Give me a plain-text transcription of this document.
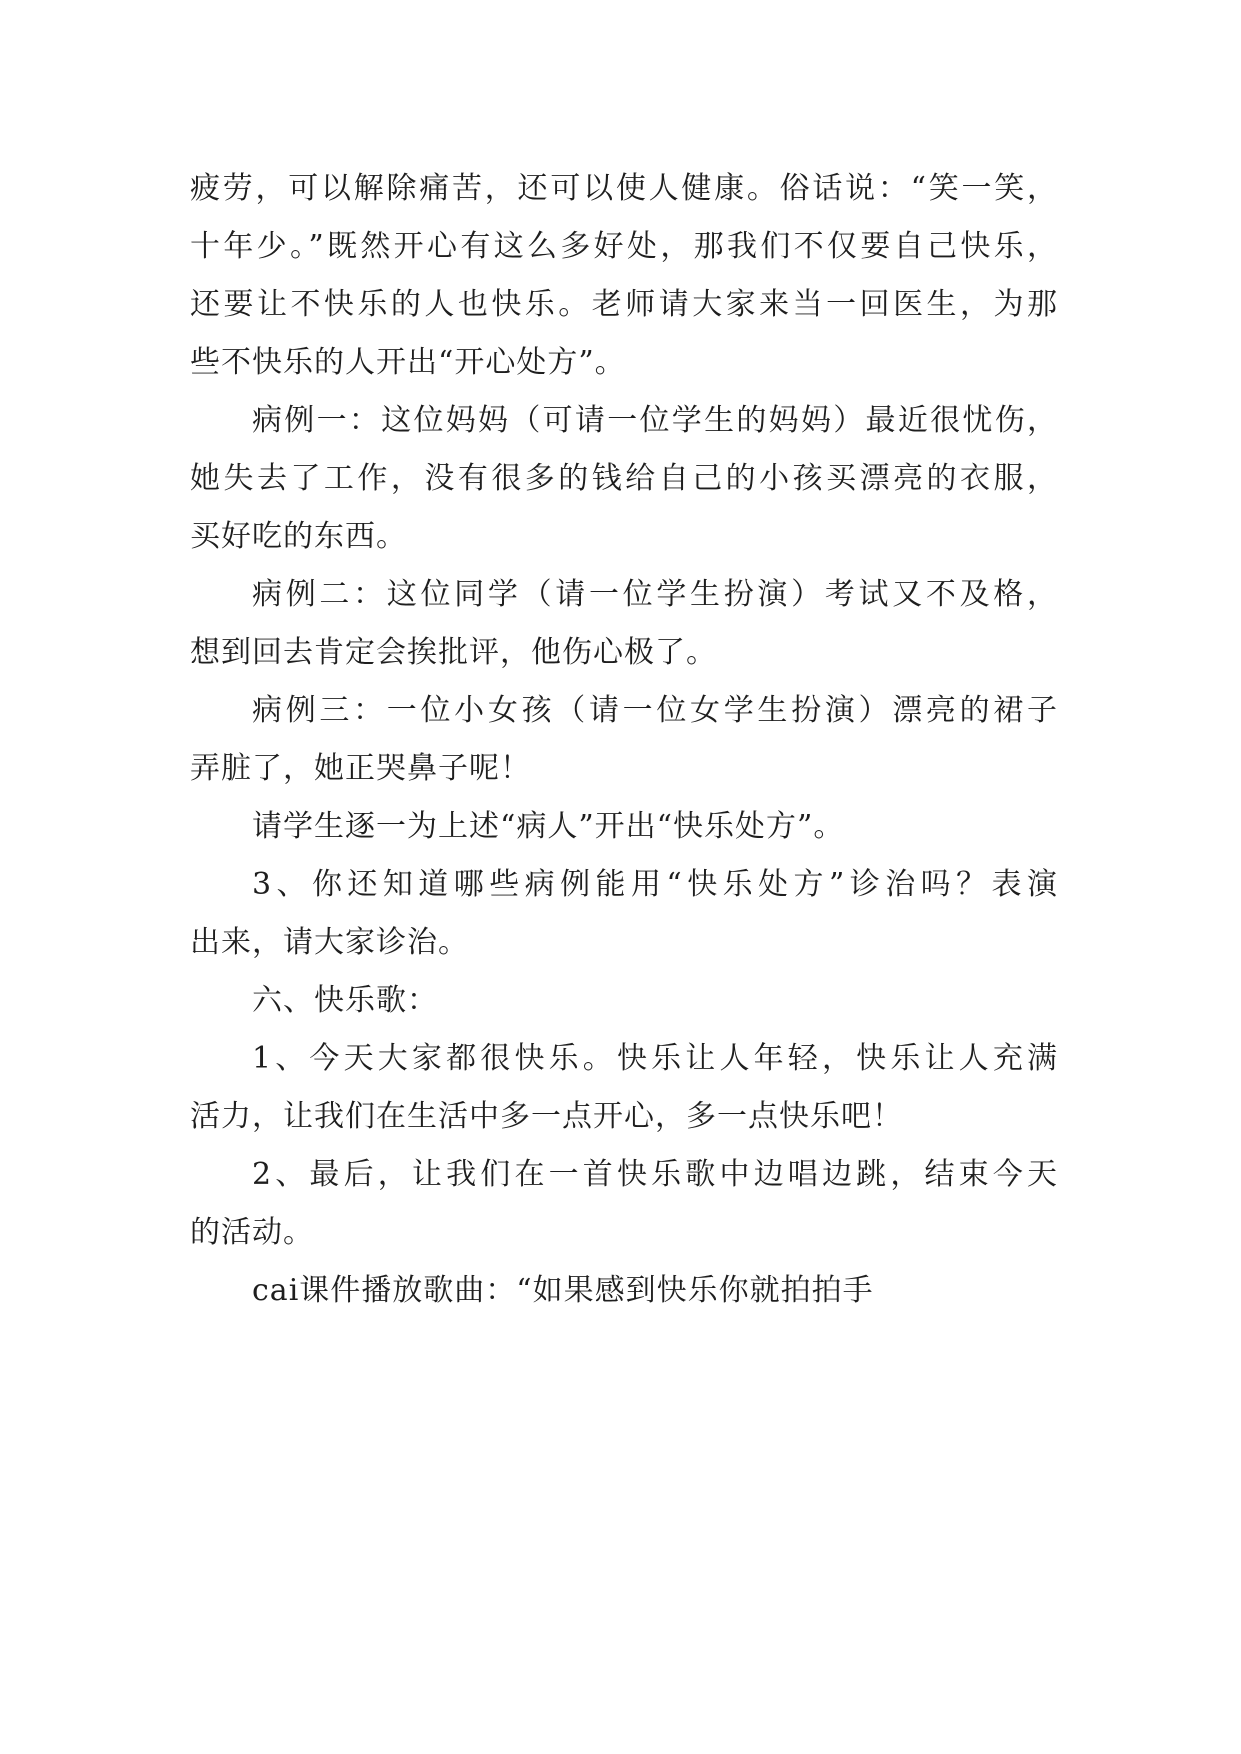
疲劳，可以解除痛苦，还可以使人健康。俗话说：“笑一笑，
十年少。”既然开心有这么多好处，那我们不仅要自己快乐，
还要让不快乐的人也快乐。老师请大家来当一回医生，为那
些不快乐的人开出“开心处方”。
病例一：这位妈妈（可请一位学生的妈妈）最近很忧伤，
她失去了工作，没有很多的钱给自己的小孩买漂亮的衣服，
买好吃的东西。
病例二：这位同学（请一位学生扮演）考试又不及格，
想到回去肯定会挨批评，他伤心极了。
病例三：一位小女孩（请一位女学生扮演）漂亮的裙子
弄脏了，她正哭鼻子呢！
请学生逐一为上述“病人”开出“快乐处方”。
3、你还知道哪些病例能用“快乐处方”诊治吗？表演
出来，请大家诊治。
六、快乐歌：
1、今天大家都很快乐。快乐让人年轻，快乐让人充满
活力，让我们在生活中多一点开心，多一点快乐吧！
2、最后，让我们在一首快乐歌中边唱边跳，结束今天
的活动。
cai课件播放歌曲：“如果感到快乐你就拍拍手
